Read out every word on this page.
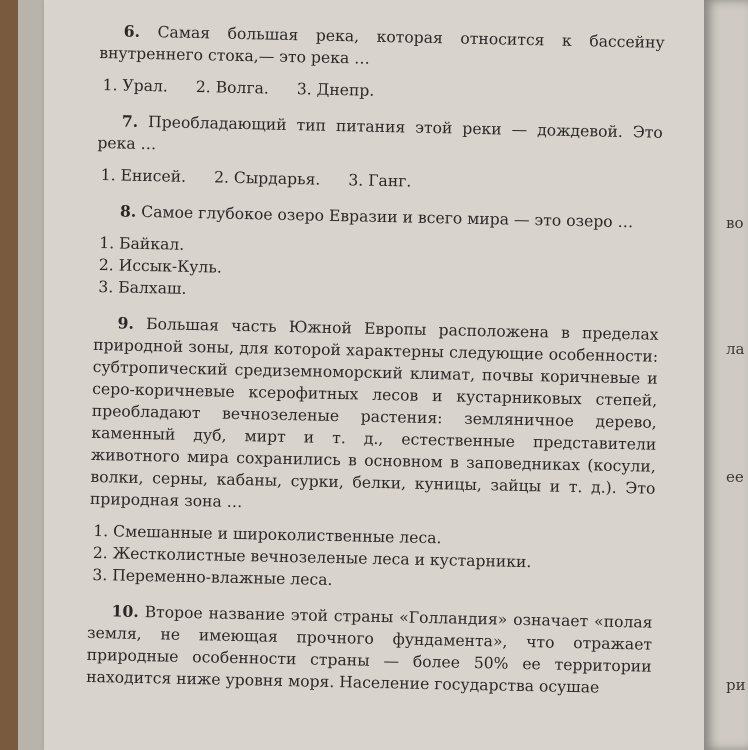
6. Самая большая река, которая относится к бассейну внутреннего стока,— это река …

1. Урал. 2. Волга. 3. Днепр.

7. Преобладающий тип питания этой реки — дождевой. Это река …

1. Енисей. 2. Сырдарья. 3. Ганг.

8. Самое глубокое озеро Евразии и всего мира — это озеро …

1. Байкал.
2. Иссык-Куль.
3. Балхаш.

9. Большая часть Южной Европы расположена в пределах природной зоны, для которой характерны следующие особенности: субтропический средиземноморский климат, почвы коричневые и серо-коричневые ксерофитных лесов и кустарниковых степей, преобладают вечнозеленые растения: земляничное дерево, каменный дуб, мирт и т. д., естественные представители животного мира сохранились в основном в заповедниках (косули, волки, серны, кабаны, сурки, белки, куницы, зайцы и т. д.). Это природная зона …

1. Смешанные и широколиственные леса.
2. Жестколистные вечнозеленые леса и кустарники.
3. Переменно-влажные леса.

10. Второе название этой страны «Голландия» означает «полая земля, не имеющая прочного фундамента», что отражает природные особенности страны — более 50% ее территории находится ниже уровня моря. Население государства осушае

во
ла
ее
ри
